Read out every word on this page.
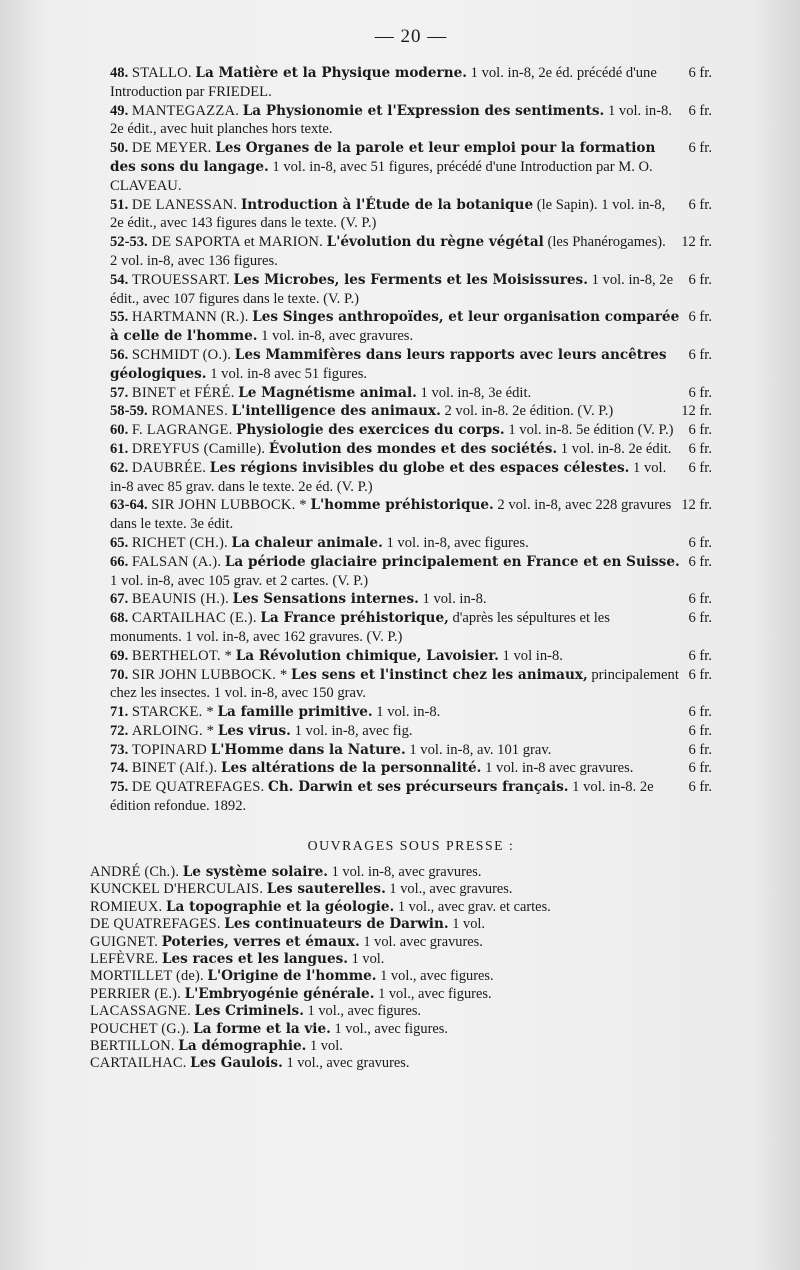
— 20 —

6 fr.
48. STALLO. La Matière et la Physique moderne. 1 vol. in-8, 2e éd. précédé d'une Introduction par FRIEDEL.

6 fr.
49. MANTEGAZZA. La Physionomie et l'Expression des sentiments. 1 vol. in-8. 2e édit., avec huit planches hors texte.

6 fr.
50. DE MEYER. Les Organes de la parole et leur emploi pour la formation des sons du langage. 1 vol. in-8, avec 51 figures, précédé d'une Introduction par M. O. CLAVEAU.

6 fr.
51. DE LANESSAN. Introduction à l'Étude de la botanique (le Sapin). 1 vol. in-8, 2e édit., avec 143 figures dans le texte. (V. P.)

12 fr.
52-53. DE SAPORTA et MARION. L'évolution du règne végétal (les Phanérogames). 2 vol. in-8, avec 136 figures.

6 fr.
54. TROUESSART. Les Microbes, les Ferments et les Moisissures. 1 vol. in-8, 2e édit., avec 107 figures dans le texte. (V. P.)

6 fr.
55. HARTMANN (R.). Les Singes anthropoïdes, et leur organisation comparée à celle de l'homme. 1 vol. in-8, avec gravures.

6 fr.
56. SCHMIDT (O.). Les Mammifères dans leurs rapports avec leurs ancêtres géologiques. 1 vol. in-8 avec 51 figures.

6 fr.
57. BINET et FÉRÉ. Le Magnétisme animal. 1 vol. in-8, 3e édit.

12 fr.
58-59. ROMANES. L'intelligence des animaux. 2 vol. in-8. 2e édition. (V. P.)

6 fr.
60. F. LAGRANGE. Physiologie des exercices du corps. 1 vol. in-8. 5e édition (V. P.)

6 fr.
61. DREYFUS (Camille). Évolution des mondes et des sociétés. 1 vol. in-8. 2e édit.

6 fr.
62. DAUBRÉE. Les régions invisibles du globe et des espaces célestes. 1 vol. in-8 avec 85 grav. dans le texte. 2e éd. (V. P.)

12 fr.
63-64. SIR JOHN LUBBOCK. * L'homme préhistorique. 2 vol. in-8, avec 228 gravures dans le texte. 3e édit.

6 fr.
65. RICHET (CH.). La chaleur animale. 1 vol. in-8, avec figures.

6 fr.
66. FALSAN (A.). La période glaciaire principalement en France et en Suisse. 1 vol. in-8, avec 105 grav. et 2 cartes. (V. P.)

6 fr.
67. BEAUNIS (H.). Les Sensations internes. 1 vol. in-8.

6 fr.
68. CARTAILHAC (E.). La France préhistorique, d'après les sépultures et les monuments. 1 vol. in-8, avec 162 gravures. (V. P.)

6 fr.
69. BERTHELOT. * La Révolution chimique, Lavoisier. 1 vol in-8.

6 fr.
70. SIR JOHN LUBBOCK. * Les sens et l'instinct chez les animaux, principalement chez les insectes. 1 vol. in-8, avec 150 grav.

6 fr.
71. STARCKE. * La famille primitive. 1 vol. in-8.

6 fr.
72. ARLOING. * Les virus. 1 vol. in-8, avec fig.

6 fr.
73. TOPINARD L'Homme dans la Nature. 1 vol. in-8, av. 101 grav.

6 fr.
74. BINET (Alf.). Les altérations de la personnalité. 1 vol. in-8 avec gravures.

6 fr.
75. DE QUATREFAGES. Ch. Darwin et ses précurseurs français. 1 vol. in-8. 2e édition refondue. 1892.

OUVRAGES SOUS PRESSE :

ANDRÉ (Ch.). Le système solaire. 1 vol. in-8, avec gravures.

KUNCKEL D'HERCULAIS. Les sauterelles. 1 vol., avec gravures.

ROMIEUX. La topographie et la géologie. 1 vol., avec grav. et cartes.

DE QUATREFAGES. Les continuateurs de Darwin. 1 vol.

GUIGNET. Poteries, verres et émaux. 1 vol. avec gravures.

LEFÈVRE. Les races et les langues. 1 vol.

MORTILLET (de). L'Origine de l'homme. 1 vol., avec figures.

PERRIER (E.). L'Embryogénie générale. 1 vol., avec figures.

LACASSAGNE. Les Criminels. 1 vol., avec figures.

POUCHET (G.). La forme et la vie. 1 vol., avec figures.

BERTILLON. La démographie. 1 vol.

CARTAILHAC. Les Gaulois. 1 vol., avec gravures.
